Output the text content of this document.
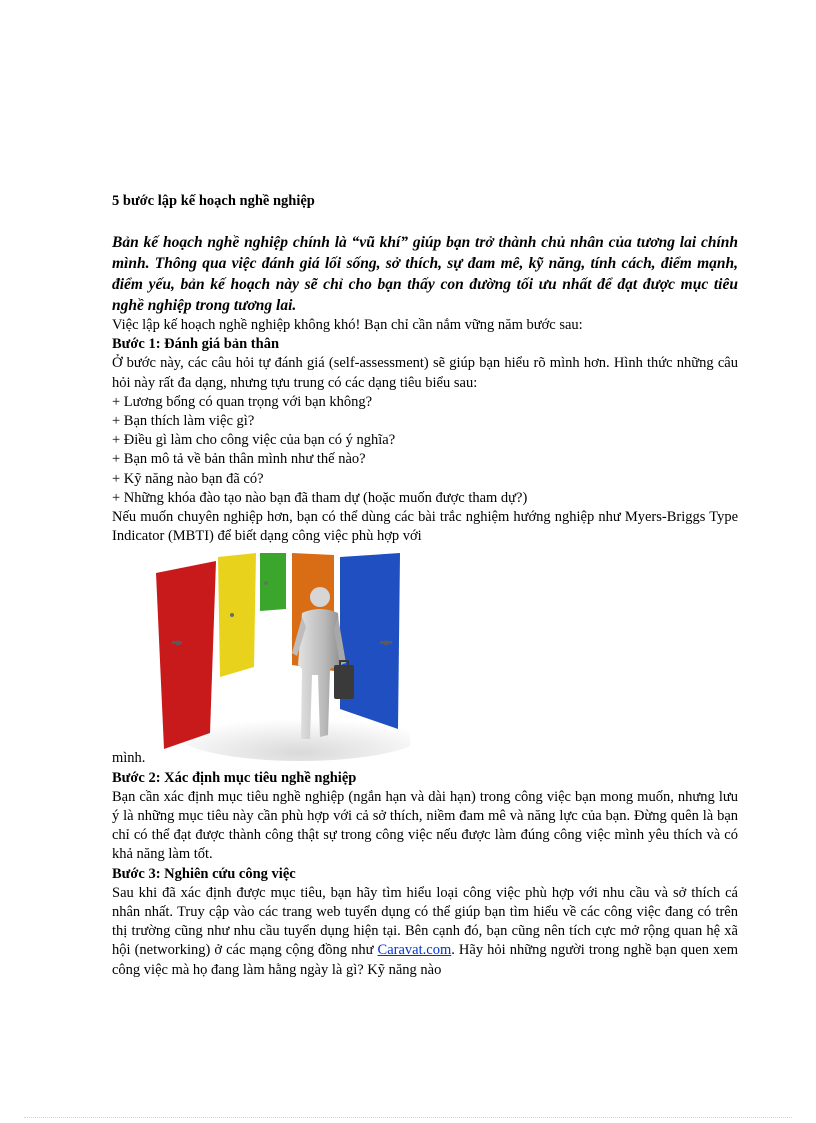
5 bước lập kế hoạch nghề nghiệp

Bản kế hoạch nghề nghiệp chính là “vũ khí” giúp bạn trở thành chủ nhân của tương lai chính mình. Thông qua việc đánh giá lối sống, sở thích, sự đam mê, kỹ năng, tính cách, điểm mạnh, điểm yếu, bản kế hoạch này sẽ chỉ cho bạn thấy con đường tối ưu nhất để đạt được mục tiêu nghề nghiệp trong tương lai.

Việc lập kế hoạch nghề nghiệp không khó! Bạn chỉ cần nắm vững năm bước sau:

Bước 1: Đánh giá bản thân

Ở bước này, các câu hỏi tự đánh giá (self-assessment) sẽ giúp bạn hiểu rõ mình hơn. Hình thức những câu hỏi này rất đa dạng, nhưng tựu trung có các dạng tiêu biểu sau:

+ Lương bổng có quan trọng với bạn không?

+ Bạn thích làm việc gì?

+ Điều gì làm cho công việc của bạn có ý nghĩa?

+ Bạn mô tả về bản thân mình như thế nào?

+ Kỹ năng nào bạn đã có?

+ Những khóa đào tạo nào bạn đã tham dự (hoặc muốn được tham dự?)

Nếu muốn chuyên nghiệp hơn, bạn có thể dùng các bài trắc nghiệm hướng nghiệp như Myers-Briggs Type Indicator (MBTI) để biết dạng công việc phù hợp với

mình.

Bước 2: Xác định mục tiêu nghề nghiệp

Bạn cần xác định mục tiêu nghề nghiệp (ngắn hạn và dài hạn) trong công việc bạn mong muốn, nhưng lưu ý là những mục tiêu này cần phù hợp với cả sở thích, niềm đam mê và năng lực của bạn. Đừng quên là bạn chỉ có thể đạt được thành công thật sự trong công việc nếu được làm đúng công việc mình yêu thích và có khả năng làm tốt.

Bước 3: Nghiên cứu công việc

Sau khi đã xác định được mục tiêu, bạn hãy tìm hiểu loại công việc phù hợp với nhu cầu và sở thích cá nhân nhất. Truy cập vào các trang web tuyển dụng có thể giúp bạn tìm hiểu về các công việc đang có trên thị trường cũng như nhu cầu tuyển dụng hiện tại. Bên cạnh đó, bạn cũng nên tích cực mở rộng quan hệ xã hội (networking) ở các mạng cộng đồng như Caravat.com. Hãy hỏi những người trong nghề bạn quen xem công việc mà họ đang làm hằng ngày là gì? Kỹ năng nào
